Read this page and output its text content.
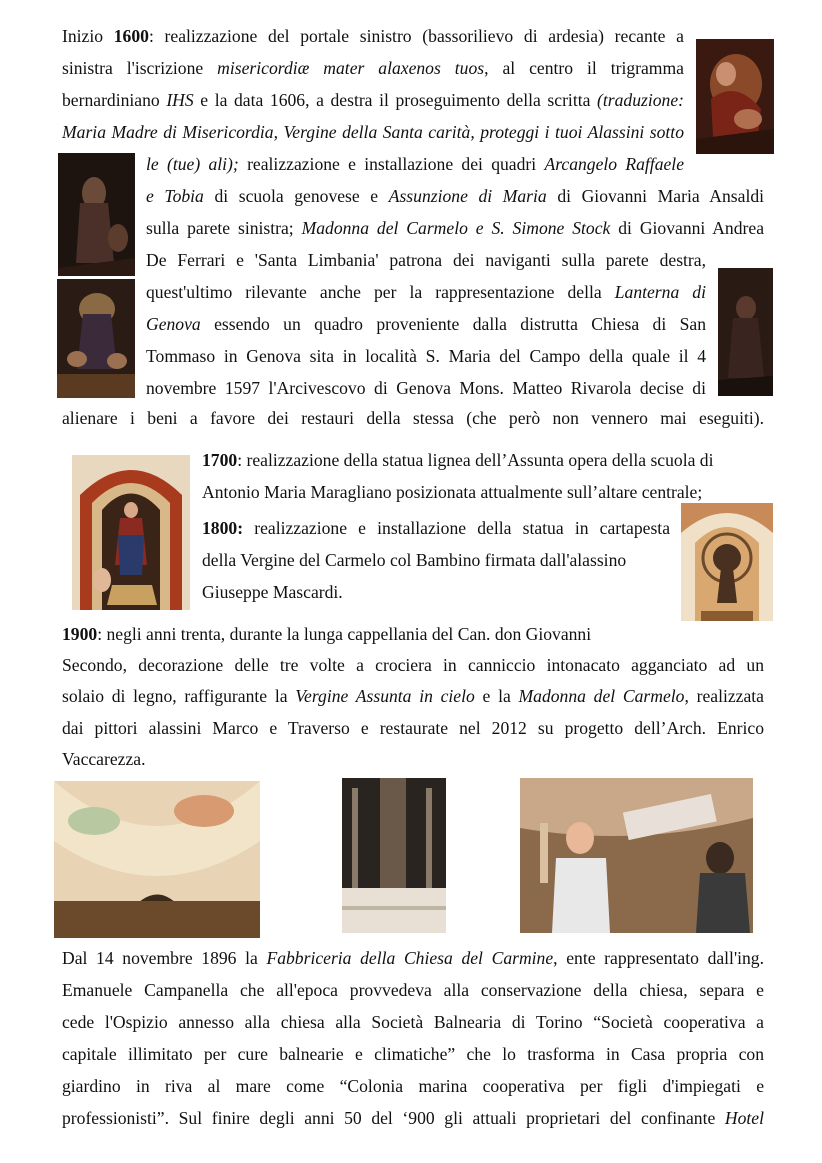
Inizio 1600: realizzazione del portale sinistro (bassorilievo di ardesia) recante a
sinistra l'iscrizione misericordiæ mater alaxenos tuos, al centro il trigramma
bernardiniano IHS e la data 1606, a destra il proseguimento della scritta (traduzione:
Maria Madre di Misericordia, Vergine della Santa carità, proteggi i tuoi Alassini sotto
le (tue) ali); realizzazione e installazione dei quadri Arcangelo Raffaele
e Tobia di scuola genovese e Assunzione di Maria di Giovanni Maria Ansaldi
sulla parete sinistra; Madonna del Carmelo e S. Simone Stock di Giovanni Andrea
De Ferrari e 'Santa Limbania' patrona dei naviganti sulla parete destra,
quest'ultimo rilevante anche per la rappresentazione della Lanterna di
Genova essendo un quadro proveniente dalla distrutta Chiesa di San
Tommaso in Genova sita in località S. Maria del Campo della quale il 4
novembre 1597 l'Arcivescovo di Genova Mons. Matteo Rivarola decise di
alienare i beni a favore dei restauri della stessa (che però non vennero mai eseguiti).
1700: realizzazione della statua lignea dell’Assunta opera della scuola di
Antonio Maria Maragliano posizionata attualmente sull’altare centrale;
1800: realizzazione e installazione della statua in cartapesta
della Vergine del Carmelo col Bambino firmata dall'alassino
Giuseppe Mascardi.
1900: negli anni trenta, durante la lunga cappellania del Can. don Giovanni
Secondo, decorazione delle tre volte a crociera in canniccio intonacato agganciato ad un
solaio di legno, raffigurante la Vergine Assunta in cielo e la Madonna del Carmelo, realizzata
dai pittori alassini Marco e Traverso e restaurate nel 2012 su progetto dell’Arch. Enrico
Vaccarezza.
Dal 14 novembre 1896 la Fabbriceria della Chiesa del Carmine, ente rappresentato dall'ing.
Emanuele Campanella che all'epoca provvedeva alla conservazione della chiesa, separa e
cede l'Ospizio annesso alla chiesa alla Società Balnearia di Torino “Società cooperativa a
capitale illimitato per cure balnearie e climatiche” che lo trasforma in Casa propria con
giardino in riva al mare come “Colonia marina cooperativa per figli d'impiegati e
professionisti”. Sul finire degli anni 50 del ‘900 gli attuali proprietari del confinante Hotel
